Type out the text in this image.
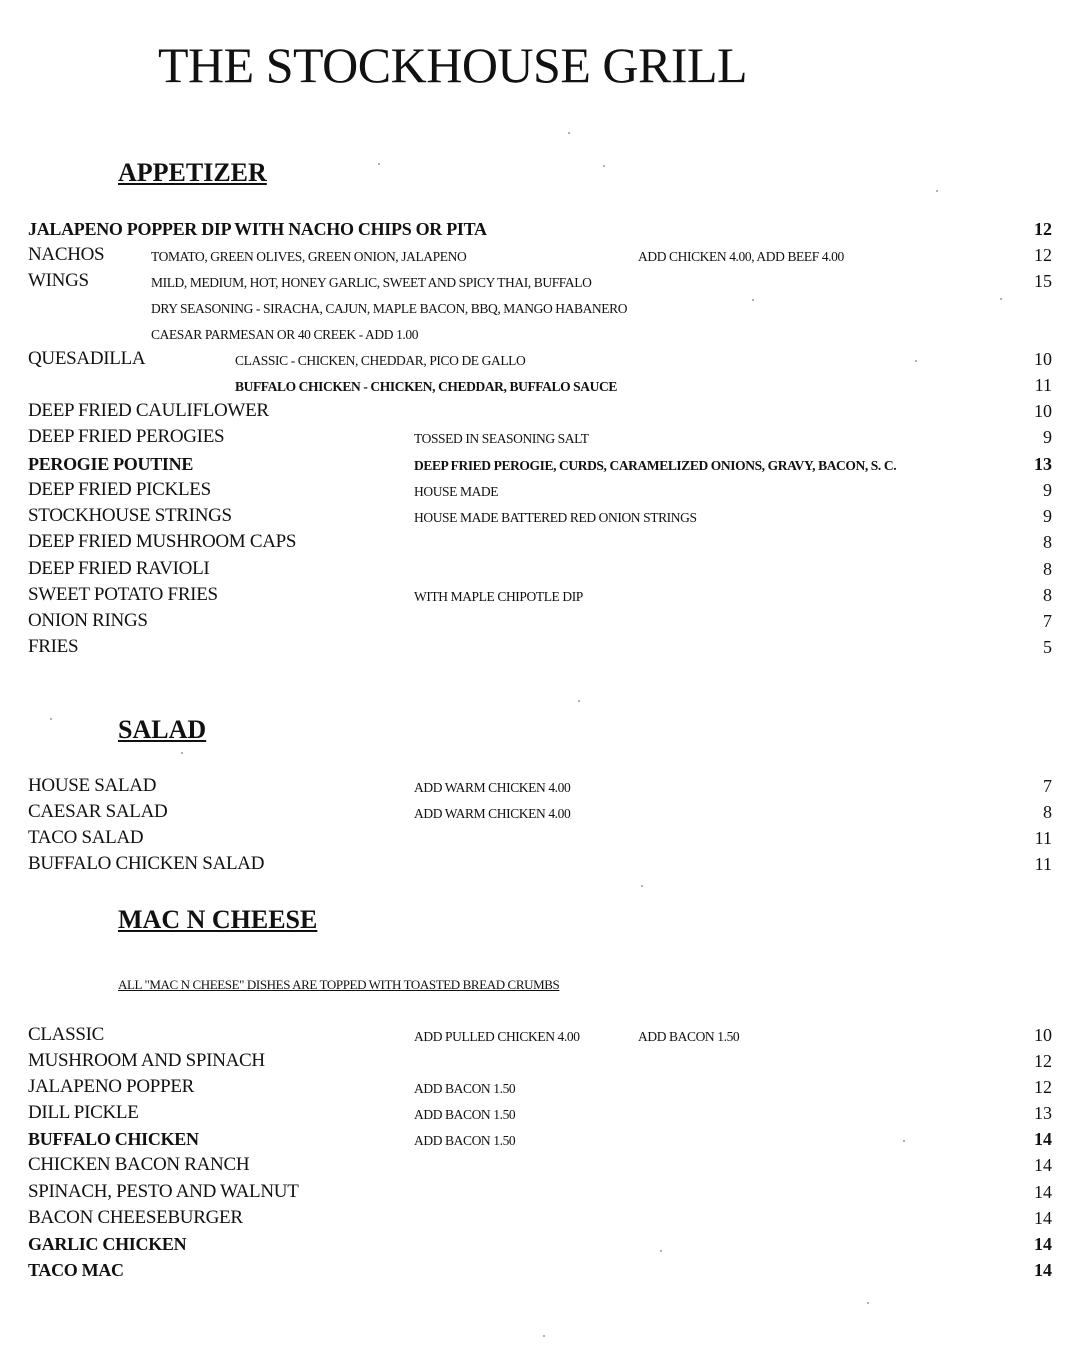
THE STOCKHOUSE GRILL
APPETIZER
JALAPENO POPPER DIP WITH NACHO CHIPS OR PITA	12
NACHOS	TOMATO, GREEN OLIVES, GREEN ONION, JALAPENO	ADD CHICKEN 4.00, ADD BEEF 4.00	12
WINGS	MILD, MEDIUM, HOT, HONEY GARLIC, SWEET AND SPICY THAI, BUFFALO	15
DRY SEASONING - SIRACHA, CAJUN, MAPLE BACON, BBQ, MANGO HABANERO
CAESAR PARMESAN OR 40 CREEK - ADD 1.00
QUESADILLA	CLASSIC - CHICKEN, CHEDDAR, PICO DE GALLO	10
BUFFALO CHICKEN - CHICKEN, CHEDDAR, BUFFALO SAUCE	11
DEEP FRIED CAULIFLOWER	10
DEEP FRIED PEROGIES	TOSSED IN SEASONING SALT	9
PEROGIE POUTINE	DEEP FRIED PEROGIE, CURDS, CARAMELIZED ONIONS, GRAVY, BACON, S. C.	13
DEEP FRIED PICKLES	HOUSE MADE	9
STOCKHOUSE STRINGS	HOUSE MADE BATTERED RED ONION STRINGS	9
DEEP FRIED MUSHROOM CAPS	8
DEEP FRIED RAVIOLI	8
SWEET POTATO FRIES	WITH MAPLE CHIPOTLE DIP	8
ONION RINGS	7
FRIES	5
SALAD
HOUSE SALAD	ADD WARM CHICKEN 4.00	7
CAESAR SALAD	ADD WARM CHICKEN 4.00	8
TACO SALAD	11
BUFFALO CHICKEN SALAD	11
MAC N CHEESE
ALL "MAC N CHEESE" DISHES ARE TOPPED WITH TOASTED BREAD CRUMBS
CLASSIC	ADD PULLED CHICKEN 4.00	ADD BACON 1.50	10
MUSHROOM AND SPINACH	12
JALAPENO POPPER	ADD BACON 1.50	12
DILL PICKLE	ADD BACON 1.50	13
BUFFALO CHICKEN	ADD BACON 1.50	14
CHICKEN BACON RANCH	14
SPINACH, PESTO AND WALNUT	14
BACON CHEESEBURGER	14
GARLIC CHICKEN	14
TACO MAC	14
